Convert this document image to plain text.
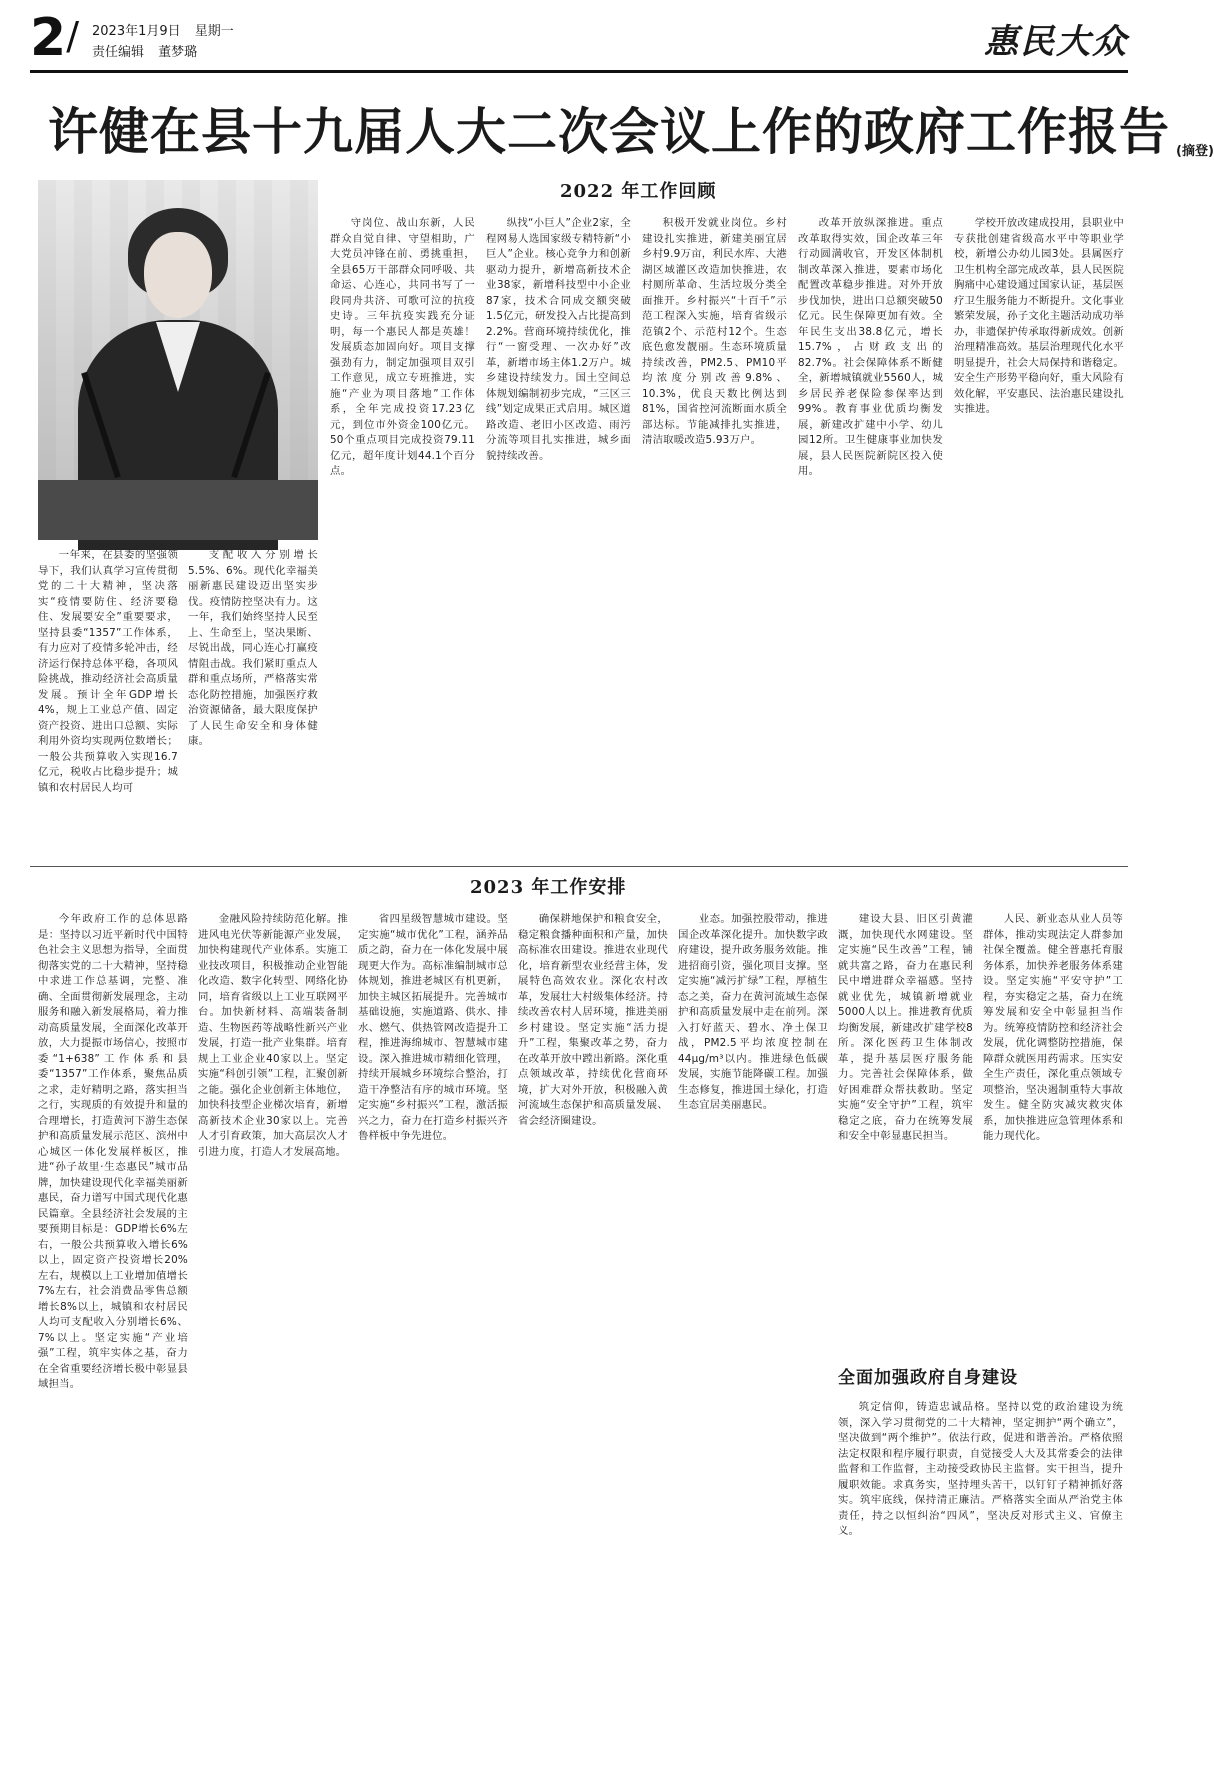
2/ 2023年1月9日 星期一
责任编辑 董梦璐	惠民大众
许健在县十九届人大二次会议上作的政府工作报告 (摘登)
2022 年工作回顾

一年来，在县委的坚强领导下，我们认真学习宣传贯彻党的二十大精神，坚决落实“疫情要防住、经济要稳住、发展要安全”重要要求，坚持县委“1357”工作体系，有力应对了疫情多轮冲击，经济运行保持总体平稳，各项风险挑战，推动经济社会高质量发展。预计全年GDP增长4%，规上工业总产值、固定资产投资、进出口总额、实际利用外资均实现两位数增长；一般公共预算收入实现16.7亿元，税收占比稳步提升；城镇和农村居民人均可

支配收入分别增长5.5%、6%。现代化幸福美丽新惠民建设迈出坚实步伐。疫情防控坚决有力。这一年，我们始终坚持人民至上、生命至上，坚决果断、尽锐出战，同心连心打赢疫情阻击战。我们紧盯重点人群和重点场所，严格落实常态化防控措施，加强医疗救治资源储备，最大限度保护了人民生命安全和身体健康。

守岗位、战山东新，人民群众自觉自律、守望相助，广大党员冲锋在前、勇挑重担，全县65万干部群众同呼吸、共命运、心连心，共同书写了一段同舟共济、可歌可泣的抗疫史诗。三年抗疫实践充分证明，每一个惠民人都是英雄！发展质态加固向好。项目支撑强劲有力，制定加强项目双引工作意见，成立专班推进，实施“产业为项目落地”工作体系，全年完成投资17.23亿元，到位市外资金100亿元。50个重点项目完成投资79.11亿元，超年度计划44.1个百分点。

纵找“小巨人”企业2家，全程网易人选国家级专精特新“小巨人”企业。核心竞争力和创新驱动力提升，新增高新技术企业38家，新增科技型中小企业87家，技术合同成交额突破1.5亿元，研发投入占比提高到2.2%。营商环境持续优化，推行“一窗受理、一次办好”改革，新增市场主体1.2万户。城乡建设持续发力。国土空间总体规划编制初步完成，“三区三线”划定成果正式启用。城区道路改造、老旧小区改造、雨污分流等项目扎实推进，城乡面貌持续改善。

积极开发就业岗位。乡村建设扎实推进，新建美丽宜居乡村9.9万亩，利民水库、大港湖区域灌区改造加快推进，农村厕所革命、生活垃圾分类全面推开。乡村振兴“十百千”示范工程深入实施，培育省级示范镇2个、示范村12个。生态底色愈发靓丽。生态环境质量持续改善，PM2.5、PM10平均浓度分别改善9.8%、10.3%，优良天数比例达到81%，国省控河流断面水质全部达标。节能减排扎实推进，清洁取暖改造5.93万户。

改革开放纵深推进。重点改革取得实效，国企改革三年行动圆满收官，开发区体制机制改革深入推进，要素市场化配置改革稳步推进。对外开放步伐加快，进出口总额突破50亿元。民生保障更加有效。全年民生支出38.8亿元，增长15.7%，占财政支出的82.7%。社会保障体系不断健全，新增城镇就业5560人，城乡居民养老保险参保率达到99%。教育事业优质均衡发展，新建改扩建中小学、幼儿园12所。卫生健康事业加快发展，县人民医院新院区投入使用。

学校开放改建成投用，县职业中专获批创建省级高水平中等职业学校，新增公办幼儿园3处。县属医疗卫生机构全部完成改革，县人民医院胸痛中心建设通过国家认证，基层医疗卫生服务能力不断提升。文化事业繁荣发展，孙子文化主题活动成功举办，非遗保护传承取得新成效。创新治理精准高效。基层治理现代化水平明显提升，社会大局保持和谐稳定。安全生产形势平稳向好，重大风险有效化解，平安惠民、法治惠民建设扎实推进。

2023 年工作安排

今年政府工作的总体思路是：坚持以习近平新时代中国特色社会主义思想为指导，全面贯彻落实党的二十大精神，坚持稳中求进工作总基调，完整、准确、全面贯彻新发展理念，主动服务和融入新发展格局，着力推动高质量发展，全面深化改革开放，大力提振市场信心，按照市委“1+638”工作体系和县委“1357”工作体系，聚焦品质之求，走好精明之路，落实担当之行，实现质的有效提升和量的合理增长，打造黄河下游生态保护和高质量发展示范区、滨州中心城区一体化发展样板区，推进“孙子故里·生态惠民”城市品牌，加快建设现代化幸福美丽新惠民，奋力谱写中国式现代化惠民篇章。全县经济社会发展的主要预期目标是：GDP增长6%左右，一般公共预算收入增长6%以上，固定资产投资增长20%左右，规模以上工业增加值增长7%左右，社会消费品零售总额增长8%以上，城镇和农村居民人均可支配收入分别增长6%、7%以上。坚定实施“产业培强”工程，筑牢实体之基，奋力在全省重要经济增长极中彰显县域担当。

金融风险持续防范化解。推进风电光伏等新能源产业发展，加快构建现代产业体系。实施工业技改项目，积极推动企业智能化改造、数字化转型、网络化协同，培育省级以上工业互联网平台。加快新材料、高端装备制造、生物医药等战略性新兴产业发展，打造一批产业集群。培育规上工业企业40家以上。坚定实施“科创引领”工程，汇聚创新之能。强化企业创新主体地位，加快科技型企业梯次培育，新增高新技术企业30家以上。完善人才引育政策，加大高层次人才引进力度，打造人才发展高地。

省四星级智慧城市建设。坚定实施“城市优化”工程，涵养品质之韵，奋力在一体化发展中展现更大作为。高标准编制城市总体规划，推进老城区有机更新，加快主城区拓展提升。完善城市基础设施，实施道路、供水、排水、燃气、供热管网改造提升工程，推进海绵城市、智慧城市建设。深入推进城市精细化管理，持续开展城乡环境综合整治，打造干净整洁有序的城市环境。坚定实施“乡村振兴”工程，激活振兴之力，奋力在打造乡村振兴齐鲁样板中争先进位。

确保耕地保护和粮食安全，稳定粮食播种面积和产量，加快高标准农田建设。推进农业现代化，培育新型农业经营主体，发展特色高效农业。深化农村改革，发展壮大村级集体经济。持续改善农村人居环境，推进美丽乡村建设。坚定实施“活力提升”工程，集聚改革之势，奋力在改革开放中蹚出新路。深化重点领域改革，持续优化营商环境，扩大对外开放，积极融入黄河流域生态保护和高质量发展、省会经济圈建设。

业态。加强控股带动，推进国企改革深化提升。加快数字政府建设，提升政务服务效能。推进招商引资，强化项目支撑。坚定实施“减污扩绿”工程，厚植生态之美，奋力在黄河流域生态保护和高质量发展中走在前列。深入打好蓝天、碧水、净土保卫战，PM2.5平均浓度控制在44μg/m³以内。推进绿色低碳发展，实施节能降碳工程。加强生态修复，推进国土绿化，打造生态宜居美丽惠民。

建设大县、旧区引黄灌溉，加快现代水网建设。坚定实施“民生改善”工程，铺就共富之路，奋力在惠民利民中增进群众幸福感。坚持就业优先，城镇新增就业5000人以上。推进教育优质均衡发展，新建改扩建学校8所。深化医药卫生体制改革，提升基层医疗服务能力。完善社会保障体系，做好困难群众帮扶救助。坚定实施“安全守护”工程，筑牢稳定之底，奋力在统筹发展和安全中彰显惠民担当。

人民、新业态从业人员等群体，推动实现法定人群参加社保全覆盖。健全普惠托育服务体系，加快养老服务体系建设。坚定实施“平安守护”工程，夯实稳定之基，奋力在统筹发展和安全中彰显担当作为。统筹疫情防控和经济社会发展，优化调整防控措施，保障群众就医用药需求。压实安全生产责任，深化重点领域专项整治，坚决遏制重特大事故发生。健全防灾减灾救灾体系，加快推进应急管理体系和能力现代化。

全面加强政府自身建设

筑定信仰，铸造忠诚品格。坚持以党的政治建设为统领，深入学习贯彻党的二十大精神，坚定拥护“两个确立”，坚决做到“两个维护”。依法行政，促进和谐善治。严格依照法定权限和程序履行职责，自觉接受人大及其常委会的法律监督和工作监督，主动接受政协民主监督。实干担当，提升履职效能。求真务实，坚持埋头苦干，以钉钉子精神抓好落实。筑牢底线，保持清正廉洁。严格落实全面从严治党主体责任，持之以恒纠治“四风”，坚决反对形式主义、官僚主义。
